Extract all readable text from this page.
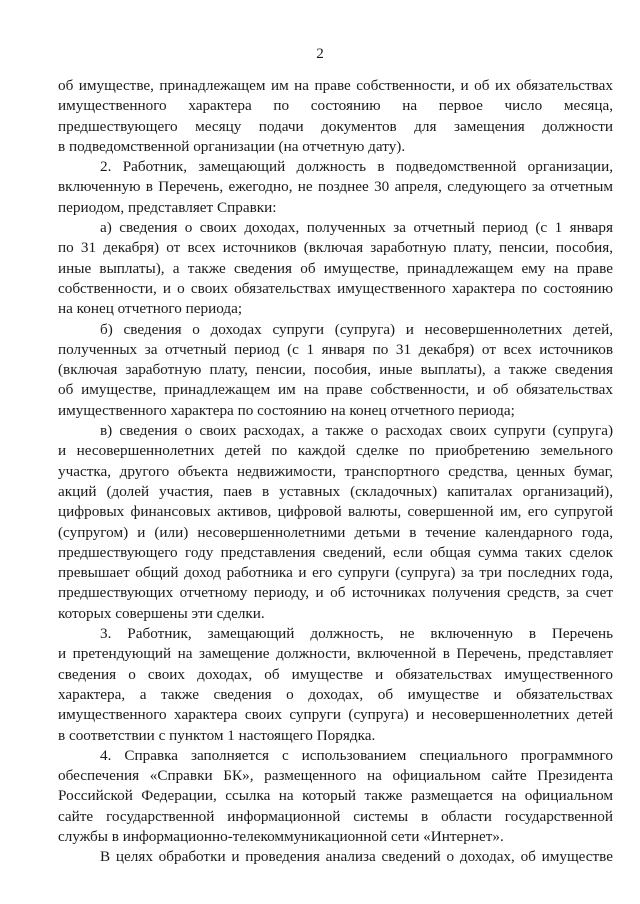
2

об имуществе, принадлежащем им на праве собственности, и об их обязательствах

имущественного характера по состоянию на первое число месяца,

предшествующего месяцу подачи документов для замещения должности

в подведомственной организации (на отчетную дату).

2. Работник, замещающий должность в подведомственной организации,

включенную в Перечень, ежегодно, не позднее 30 апреля, следующего за отчетным

периодом, представляет Справки:

а) сведения о своих доходах, полученных за отчетный период (с 1 января

по 31 декабря) от всех источников (включая заработную плату, пенсии, пособия,

иные выплаты), а также сведения об имуществе, принадлежащем ему на праве

собственности, и о своих обязательствах имущественного характера по состоянию

на конец отчетного периода;

б) сведения о доходах супруги (супруга) и несовершеннолетних детей,

полученных за отчетный период (с 1 января по 31 декабря) от всех источников

(включая заработную плату, пенсии, пособия, иные выплаты), а также сведения

об имуществе, принадлежащем им на праве собственности, и об обязательствах

имущественного характера по состоянию на конец отчетного периода;

в) сведения о своих расходах, а также о расходах своих супруги (супруга)

и несовершеннолетних детей по каждой сделке по приобретению земельного

участка, другого объекта недвижимости, транспортного средства, ценных бумаг,

акций (долей участия, паев в уставных (складочных) капиталах организаций),

цифровых финансовых активов, цифровой валюты, совершенной им, его супругой

(супругом) и (или) несовершеннолетними детьми в течение календарного года,

предшествующего году представления сведений, если общая сумма таких сделок

превышает общий доход работника и его супруги (супруга) за три последних года,

предшествующих отчетному периоду, и об источниках получения средств, за счет

которых совершены эти сделки.

3. Работник, замещающий должность, не включенную в Перечень

и претендующий на замещение должности, включенной в Перечень, представляет

сведения о своих доходах, об имуществе и обязательствах имущественного

характера, а также сведения о доходах, об имуществе и обязательствах

имущественного характера своих супруги (супруга) и несовершеннолетних детей

в соответствии с пунктом 1 настоящего Порядка.

4. Справка заполняется с использованием специального программного

обеспечения «Справки БК», размещенного на официальном сайте Президента

Российской Федерации, ссылка на который также размещается на официальном

сайте государственной информационной системы в области государственной

службы в информационно-телекоммуникационной сети «Интернет».

В целях обработки и проведения анализа сведений о доходах, об имуществе
